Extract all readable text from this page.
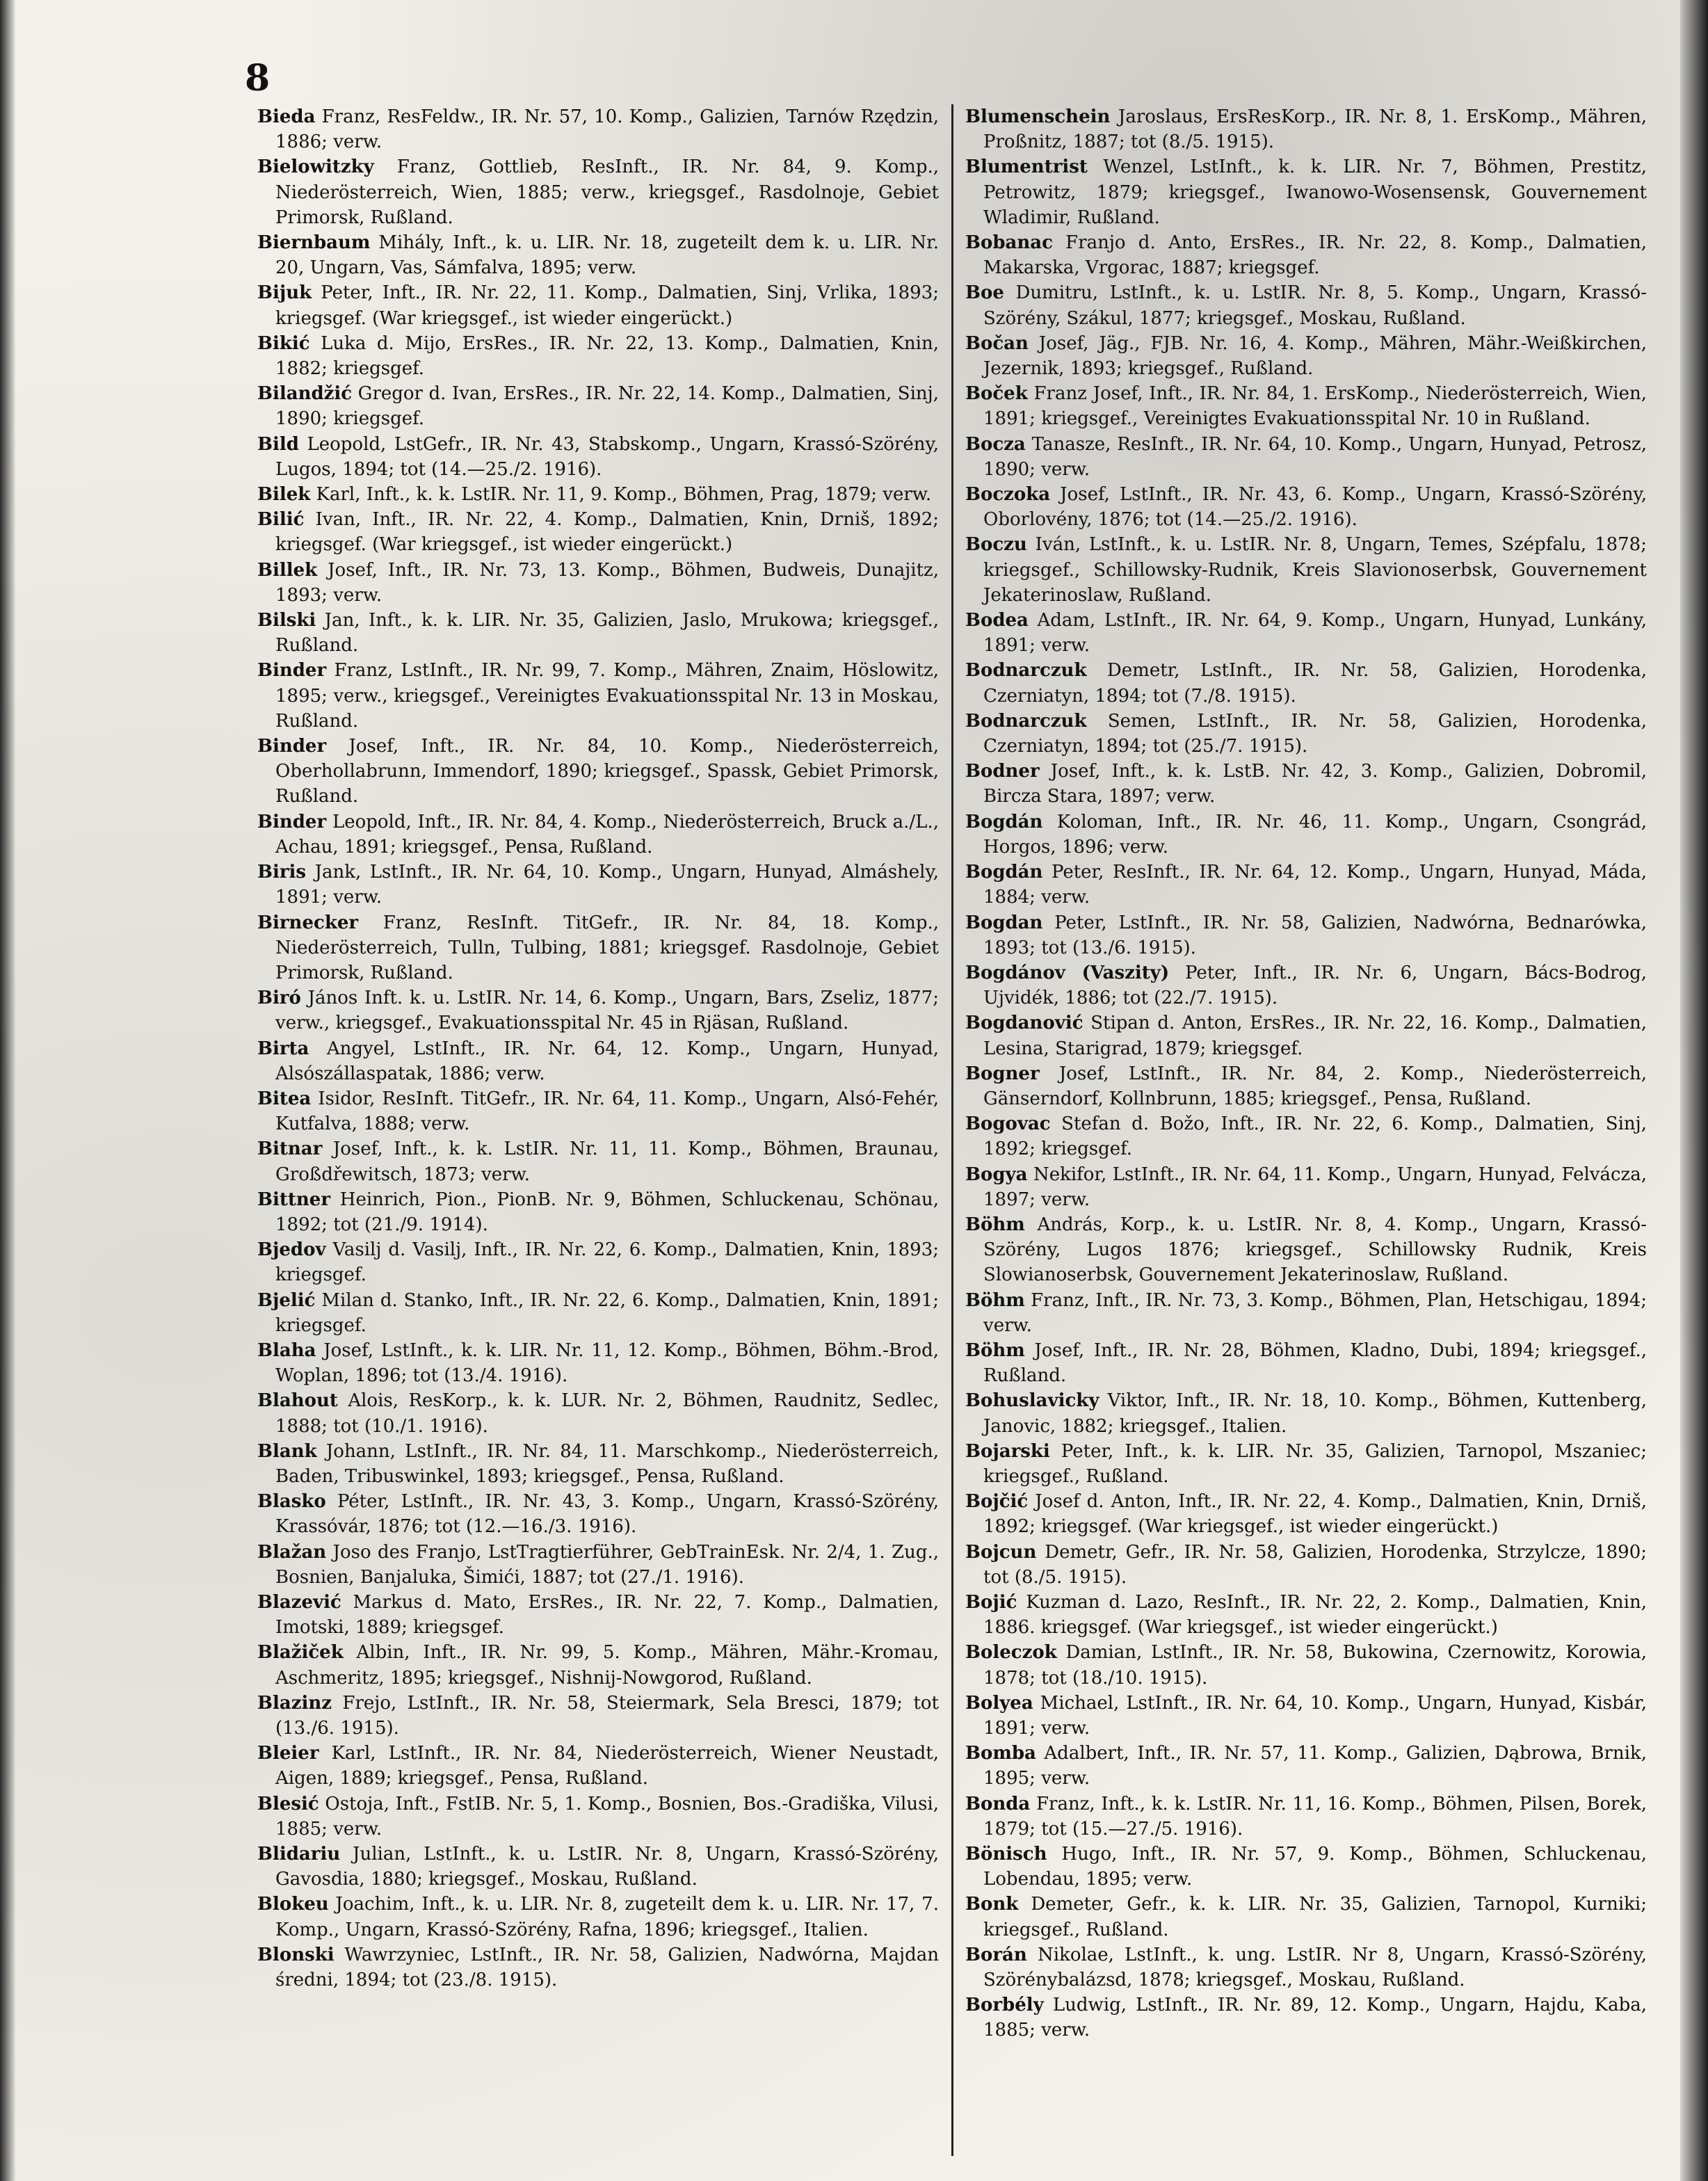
8

Bieda Franz, ResFeldw., IR. Nr. 57, 10. Komp., Galizien, Tarnów Rzędzin, 1886; verw.

Bielowitzky Franz, Gottlieb, ResInft., IR. Nr. 84, 9. Komp., Niederösterreich, Wien, 1885; verw., kriegsgef., Rasdolnoje, Gebiet Primorsk, Rußland.

Biernbaum Mihály, Inft., k. u. LIR. Nr. 18, zugeteilt dem k. u. LIR. Nr. 20, Ungarn, Vas, Sámfalva, 1895; verw.

Bijuk Peter, Inft., IR. Nr. 22, 11. Komp., Dalmatien, Sinj, Vrlika, 1893; kriegsgef. (War kriegsgef., ist wieder eingerückt.)

Bikić Luka d. Mijo, ErsRes., IR. Nr. 22, 13. Komp., Dalmatien, Knin, 1882; kriegsgef.

Bilandžić Gregor d. Ivan, ErsRes., IR. Nr. 22, 14. Komp., Dalmatien, Sinj, 1890; kriegsgef.

Bild Leopold, LstGefr., IR. Nr. 43, Stabskomp., Ungarn, Krassó-Szörény, Lugos, 1894; tot (14.—25./2. 1916).

Bilek Karl, Inft., k. k. LstIR. Nr. 11, 9. Komp., Böhmen, Prag, 1879; verw.

Bilić Ivan, Inft., IR. Nr. 22, 4. Komp., Dalmatien, Knin, Drniš, 1892; kriegsgef. (War kriegsgef., ist wieder eingerückt.)

Billek Josef, Inft., IR. Nr. 73, 13. Komp., Böhmen, Budweis, Dunajitz, 1893; verw.

Bilski Jan, Inft., k. k. LIR. Nr. 35, Galizien, Jaslo, Mrukowa; kriegsgef., Rußland.

Binder Franz, LstInft., IR. Nr. 99, 7. Komp., Mähren, Znaim, Höslowitz, 1895; verw., kriegsgef., Vereinigtes Evakuationsspital Nr. 13 in Moskau, Rußland.

Binder Josef, Inft., IR. Nr. 84, 10. Komp., Niederösterreich, Oberhollabrunn, Immendorf, 1890; kriegsgef., Spassk, Gebiet Primorsk, Rußland.

Binder Leopold, Inft., IR. Nr. 84, 4. Komp., Niederösterreich, Bruck a./L., Achau, 1891; kriegsgef., Pensa, Rußland.

Biris Jank, LstInft., IR. Nr. 64, 10. Komp., Ungarn, Hunyad, Almáshely, 1891; verw.

Birnecker Franz, ResInft. TitGefr., IR. Nr. 84, 18. Komp., Niederösterreich, Tulln, Tulbing, 1881; kriegsgef. Rasdolnoje, Gebiet Primorsk, Rußland.

Biró János Inft. k. u. LstIR. Nr. 14, 6. Komp., Ungarn, Bars, Zseliz, 1877; verw., kriegsgef., Evakuationsspital Nr. 45 in Rjäsan, Rußland.

Birta Angyel, LstInft., IR. Nr. 64, 12. Komp., Ungarn, Hunyad, Alsószállaspatak, 1886; verw.

Bitea Isidor, ResInft. TitGefr., IR. Nr. 64, 11. Komp., Ungarn, Alsó-Fehér, Kutfalva, 1888; verw.

Bitnar Josef, Inft., k. k. LstIR. Nr. 11, 11. Komp., Böhmen, Braunau, Großdřewitsch, 1873; verw.

Bittner Heinrich, Pion., PionB. Nr. 9, Böhmen, Schluckenau, Schönau, 1892; tot (21./9. 1914).

Bjedov Vasilj d. Vasilj, Inft., IR. Nr. 22, 6. Komp., Dalmatien, Knin, 1893; kriegsgef.

Bjelić Milan d. Stanko, Inft., IR. Nr. 22, 6. Komp., Dalmatien, Knin, 1891; kriegsgef.

Blaha Josef, LstInft., k. k. LIR. Nr. 11, 12. Komp., Böhmen, Böhm.-Brod, Woplan, 1896; tot (13./4. 1916).

Blahout Alois, ResKorp., k. k. LUR. Nr. 2, Böhmen, Raudnitz, Sedlec, 1888; tot (10./1. 1916).

Blank Johann, LstInft., IR. Nr. 84, 11. Marschkomp., Niederösterreich, Baden, Tribuswinkel, 1893; kriegsgef., Pensa, Rußland.

Blasko Péter, LstInft., IR. Nr. 43, 3. Komp., Ungarn, Krassó-Szörény, Krassóvár, 1876; tot (12.—16./3. 1916).

Blažan Joso des Franjo, LstTragtierführer, GebTrainEsk. Nr. 2/4, 1. Zug., Bosnien, Banjaluka, Šimići, 1887; tot (27./1. 1916).

Blazević Markus d. Mato, ErsRes., IR. Nr. 22, 7. Komp., Dalmatien, Imotski, 1889; kriegsgef.

Blažiček Albin, Inft., IR. Nr. 99, 5. Komp., Mähren, Mähr.-Kromau, Aschmeritz, 1895; kriegsgef., Nishnij-Nowgorod, Rußland.

Blazinz Frejo, LstInft., IR. Nr. 58, Steiermark, Sela Bresci, 1879; tot (13./6. 1915).

Bleier Karl, LstInft., IR. Nr. 84, Niederösterreich, Wiener Neustadt, Aigen, 1889; kriegsgef., Pensa, Rußland.

Blesić Ostoja, Inft., FstIB. Nr. 5, 1. Komp., Bosnien, Bos.-Gradiška, Vilusi, 1885; verw.

Blidariu Julian, LstInft., k. u. LstIR. Nr. 8, Ungarn, Krassó-Szörény, Gavosdia, 1880; kriegsgef., Moskau, Rußland.

Blokeu Joachim, Inft., k. u. LIR. Nr. 8, zugeteilt dem k. u. LIR. Nr. 17, 7. Komp., Ungarn, Krassó-Szörény, Rafna, 1896; kriegsgef., Italien.

Blonski Wawrzyniec, LstInft., IR. Nr. 58, Galizien, Nadwórna, Majdan średni, 1894; tot (23./8. 1915).

Blumenschein Jaroslaus, ErsResKorp., IR. Nr. 8, 1. ErsKomp., Mähren, Proßnitz, 1887; tot (8./5. 1915).

Blumentrist Wenzel, LstInft., k. k. LIR. Nr. 7, Böhmen, Prestitz, Petrowitz, 1879; kriegsgef., Iwanowo-Wosensensk, Gouvernement Wladimir, Rußland.

Bobanac Franjo d. Anto, ErsRes., IR. Nr. 22, 8. Komp., Dalmatien, Makarska, Vrgorac, 1887; kriegsgef.

Boe Dumitru, LstInft., k. u. LstIR. Nr. 8, 5. Komp., Ungarn, Krassó-Szörény, Szákul, 1877; kriegsgef., Moskau, Rußland.

Bočan Josef, Jäg., FJB. Nr. 16, 4. Komp., Mähren, Mähr.-Weißkirchen, Jezernik, 1893; kriegsgef., Rußland.

Boček Franz Josef, Inft., IR. Nr. 84, 1. ErsKomp., Niederösterreich, Wien, 1891; kriegsgef., Vereinigtes Evakuationsspital Nr. 10 in Rußland.

Bocza Tanasze, ResInft., IR. Nr. 64, 10. Komp., Ungarn, Hunyad, Petrosz, 1890; verw.

Boczoka Josef, LstInft., IR. Nr. 43, 6. Komp., Ungarn, Krassó-Szörény, Oborlovény, 1876; tot (14.—25./2. 1916).

Boczu Iván, LstInft., k. u. LstIR. Nr. 8, Ungarn, Temes, Szépfalu, 1878; kriegsgef., Schillowsky-Rudnik, Kreis Slavionoserbsk, Gouvernement Jekaterinoslaw, Rußland.

Bodea Adam, LstInft., IR. Nr. 64, 9. Komp., Ungarn, Hunyad, Lunkány, 1891; verw.

Bodnarczuk Demetr, LstInft., IR. Nr. 58, Galizien, Horodenka, Czerniatyn, 1894; tot (7./8. 1915).

Bodnarczuk Semen, LstInft., IR. Nr. 58, Galizien, Horodenka, Czerniatyn, 1894; tot (25./7. 1915).

Bodner Josef, Inft., k. k. LstB. Nr. 42, 3. Komp., Galizien, Dobromil, Bircza Stara, 1897; verw.

Bogdán Koloman, Inft., IR. Nr. 46, 11. Komp., Ungarn, Csongrád, Horgos, 1896; verw.

Bogdán Peter, ResInft., IR. Nr. 64, 12. Komp., Ungarn, Hunyad, Máda, 1884; verw.

Bogdan Peter, LstInft., IR. Nr. 58, Galizien, Nadwórna, Bednarówka, 1893; tot (13./6. 1915).

Bogdánov (Vaszity) Peter, Inft., IR. Nr. 6, Ungarn, Bács-Bodrog, Ujvidék, 1886; tot (22./7. 1915).

Bogdanović Stipan d. Anton, ErsRes., IR. Nr. 22, 16. Komp., Dalmatien, Lesina, Starigrad, 1879; kriegsgef.

Bogner Josef, LstInft., IR. Nr. 84, 2. Komp., Niederösterreich, Gänserndorf, Kollnbrunn, 1885; kriegsgef., Pensa, Rußland.

Bogovac Stefan d. Božo, Inft., IR. Nr. 22, 6. Komp., Dalmatien, Sinj, 1892; kriegsgef.

Bogya Nekifor, LstInft., IR. Nr. 64, 11. Komp., Ungarn, Hunyad, Felvácza, 1897; verw.

Böhm András, Korp., k. u. LstIR. Nr. 8, 4. Komp., Ungarn, Krassó-Szörény, Lugos 1876; kriegsgef., Schillowsky Rudnik, Kreis Slowianoserbsk, Gouvernement Jekaterinoslaw, Rußland.

Böhm Franz, Inft., IR. Nr. 73, 3. Komp., Böhmen, Plan, Hetschigau, 1894; verw.

Böhm Josef, Inft., IR. Nr. 28, Böhmen, Kladno, Dubi, 1894; kriegsgef., Rußland.

Bohuslavicky Viktor, Inft., IR. Nr. 18, 10. Komp., Böhmen, Kuttenberg, Janovic, 1882; kriegsgef., Italien.

Bojarski Peter, Inft., k. k. LIR. Nr. 35, Galizien, Tarnopol, Mszaniec; kriegsgef., Rußland.

Bojčić Josef d. Anton, Inft., IR. Nr. 22, 4. Komp., Dalmatien, Knin, Drniš, 1892; kriegsgef. (War kriegsgef., ist wieder eingerückt.)

Bojcun Demetr, Gefr., IR. Nr. 58, Galizien, Horodenka, Strzylcze, 1890; tot (8./5. 1915).

Bojić Kuzman d. Lazo, ResInft., IR. Nr. 22, 2. Komp., Dalmatien, Knin, 1886. kriegsgef. (War kriegsgef., ist wieder eingerückt.)

Boleczok Damian, LstInft., IR. Nr. 58, Bukowina, Czernowitz, Korowia, 1878; tot (18./10. 1915).

Bolyea Michael, LstInft., IR. Nr. 64, 10. Komp., Ungarn, Hunyad, Kisbár, 1891; verw.

Bomba Adalbert, Inft., IR. Nr. 57, 11. Komp., Galizien, Dąbrowa, Brnik, 1895; verw.

Bonda Franz, Inft., k. k. LstIR. Nr. 11, 16. Komp., Böhmen, Pilsen, Borek, 1879; tot (15.—27./5. 1916).

Bönisch Hugo, Inft., IR. Nr. 57, 9. Komp., Böhmen, Schluckenau, Lobendau, 1895; verw.

Bonk Demeter, Gefr., k. k. LIR. Nr. 35, Galizien, Tarnopol, Kurniki; kriegsgef., Rußland.

Borán Nikolae, LstInft., k. ung. LstIR. Nr 8, Ungarn, Krassó-Szörény, Szörénybalázsd, 1878; kriegsgef., Moskau, Rußland.

Borbély Ludwig, LstInft., IR. Nr. 89, 12. Komp., Ungarn, Hajdu, Kaba, 1885; verw.
